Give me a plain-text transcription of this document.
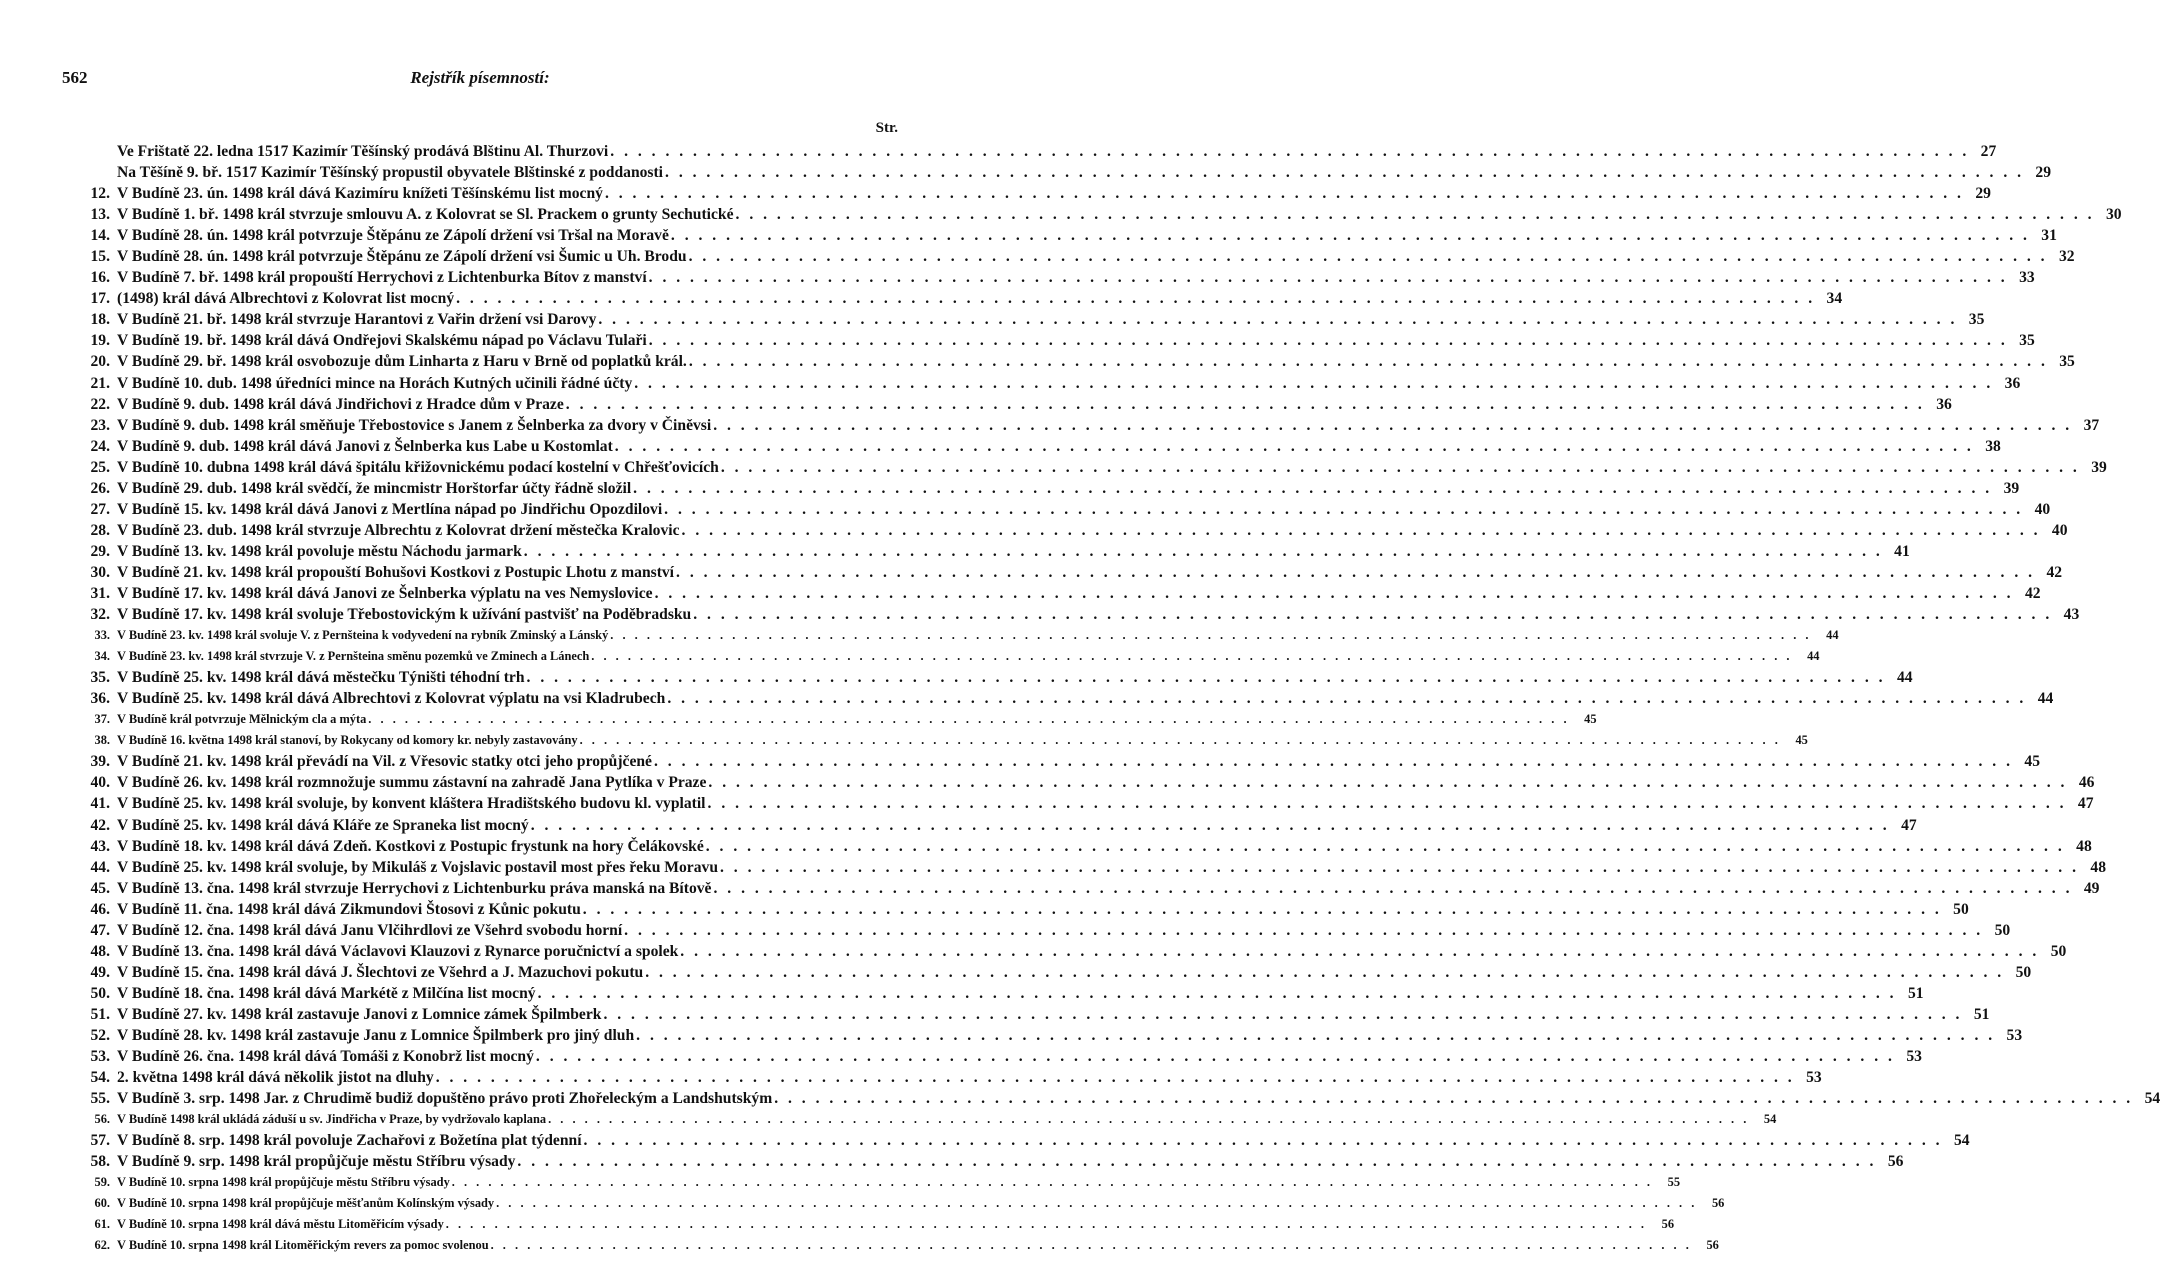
562	Rejstřík písemností:
Str.
Ve Frištatě 22. ledna 1517 Kazimír Těšínský prodává Blštinu Al. Thurzovi . . .	27
Na Těšíně 9. bř. 1517 Kazimír Těšínský propustil obyvatele Blštinské z poddanosti . . .	29
12. V Budíně 23. ún. 1498 král dává Kazimíru knížeti Těšínskému list mocný . . .	29
13. V Budíně 1. bř. 1498 král stvrzuje smlouvu A. z Kolovrat se Sl. Prackem o grunty Sechutické . . .	30
14. V Budíně 28. ún. 1498 král potvrzuje Štěpánu ze Zápolí držení vsi Tršal na Moravě . . .	31
15. V Budíně 28. ún. 1498 král potvrzuje Štěpánu ze Zápolí držení vsi Šumic u Uh. Brodu . . .	32
16. V Budíně 7. bř. 1498 král propouští Herrychovi z Lichtenburka Bítov z manství . . .	33
17. (1498) král dává Albrechtovi z Kolovrat list mocný . . .	34
18. V Budíně 21. bř. 1498 král stvrzuje Harantovi z Vařin držení vsi Darovy . . .	35
19. V Budíně 19. bř. 1498 král dává Ondřejovi Skalskému nápad po Václavu Tulaři . . .	35
20. V Budíně 29. bř. 1498 král osvobozuje dům Linharta z Haru v Brně od poplatků král. . . .	35
21. V Budíně 10. dub. 1498 úředníci mince na Horách Kutných učinili řádné účty . . .	36
22. V Budíně 9. dub. 1498 král dává Jindřichovi z Hradce dům v Praze . . .	36
23. V Budíně 9. dub. 1498 král směňuje Třebostovice s Janem z Šelnberka za dvory v Činěvsi . . .	37
24. V Budíně 9. dub. 1498 král dává Janovi z Šelnberka kus Labe u Kostomlat . . .	38
25. V Budíně 10. dubna 1498 král dává špitálu křižovnickému podací kostelní v Chřešťovicích . . .	39
26. V Budíně 29. dub. 1498 král svědčí, že mincmistr Horštorfar účty řádně složil . . .	39
27. V Budíně 15. kv. 1498 král dává Janovi z Mertlína nápad po Jindřichu Opozdilovi . . .	40
28. V Budíně 23. dub. 1498 král stvrzuje Albrechtu z Kolovrat držení městečka Kralovic . . .	40
29. V Budíně 13. kv. 1498 král povoluje městu Náchodu jarmark . . .	41
30. V Budíně 21. kv. 1498 král propouští Bohušovi Kostkovi z Postupic Lhotu z manství . . .	42
31. V Budíně 17. kv. 1498 král dává Janovi ze Šelnberka výplatu na ves Nemyslovice . . .	42
32. V Budíně 17. kv. 1498 král svoluje Třebostovickým k užívání pastvišť na Poděbradsku . . .	43
33. V Budíně 23. kv. 1498 král svoluje V. z Pernšteina k vodyvedení na rybník Zminský a Lánský . . .	44
34. V Budíně 23. kv. 1498 král stvrzuje V. z Pernšteina směnu pozemků ve Zminech a Lánech . . .	44
35. V Budíně 25. kv. 1498 král dává městečku Týništi téhodní trh . . .	44
36. V Budíně 25. kv. 1498 král dává Albrechtovi z Kolovrat výplatu na vsi Kladrubech . . .	44
37. V Budíně král potvrzuje Mělnickým cla a mýta . . .	45
38. V Budíně 16. května 1498 král stanoví, by Rokycany od komory kr. nebyly zastavovány . . .	45
39. V Budíně 21. kv. 1498 král převádí na Vil. z Vřesovic statky otci jeho propůjčené . . .	45
40. V Budíně 26. kv. 1498 král rozmnožuje summu zástavní na zahradě Jana Pytlíka v Praze . . .	46
41. V Budíně 25. kv. 1498 král svoluje, by konvent kláštera Hradištského budovu kl. vyplatil . . .	47
42. V Budíně 25. kv. 1498 král dává Kláře ze Spraneka list mocný . . .	47
43. V Budíně 18. kv. 1498 král dává Zdeň. Kostkovi z Postupic frystunk na hory Čelákovské . . .	48
44. V Budíně 25. kv. 1498 král svoluje, by Mikuláš z Vojslavic postavil most přes řeku Moravu . . .	48
45. V Budíně 13. čna. 1498 král stvrzuje Herrychovi z Lichtenburku práva manská na Bítově . . .	49
46. V Budíně 11. čna. 1498 král dává Zikmundovi Štosovi z Kůnic pokutu . . .	50
47. V Budíně 12. čna. 1498 král dává Janu Vlčihrdlovi ze Všehrd svobodu horní . . .	50
48. V Budíně 13. čna. 1498 král dává Václavovi Klauzovi z Rynarce poručnictví a spolek . . .	50
49. V Budíně 15. čna. 1498 král dává J. Šlechtovi ze Všehrd a J. Mazuchovi pokutu . . .	50
50. V Budíně 18. čna. 1498 král dává Markétě z Milčína list mocný . . .	51
51. V Budíně 27. kv. 1498 král zastavuje Janovi z Lomnice zámek Špilmberk . . .	51
52. V Budíně 28. kv. 1498 král zastavuje Janu z Lomnice Špilmberk pro jiný dluh . . .	53
53. V Budíně 26. čna. 1498 král dává Tomáši z Konobrž list mocný . . .	53
54. 2. května 1498 král dává několik jistot na dluhy . . .	53
55. V Budíně 3. srp. 1498 Jar. z Chrudimě budiž dopuštěno právo proti Zhořeleckým a Landshutským . . .	54
56. V Budíně 1498 král ukládá záduší u sv. Jindřicha v Praze, by vydržovalo kaplana . . .	54
57. V Budíně 8. srp. 1498 král povoluje Zachařovi z Božetína plat týdenní . . .	54
58. V Budíně 9. srp. 1498 král propůjčuje městu Stříbru výsady . . .	56
59. V Budíně 10. srpna 1498 král propůjčuje městu Stříbru výsady . . .	55
60. V Budíně 10. srpna 1498 král propůjčuje měšťanům Kolínským výsady . . .	56
61. V Budíně 10. srpna 1498 král dává městu Litoměřicím výsady . . .	56
62. V Budíně 10. srpna 1498 král Litoměřickým revers za pomoc svolenou . . .	56
